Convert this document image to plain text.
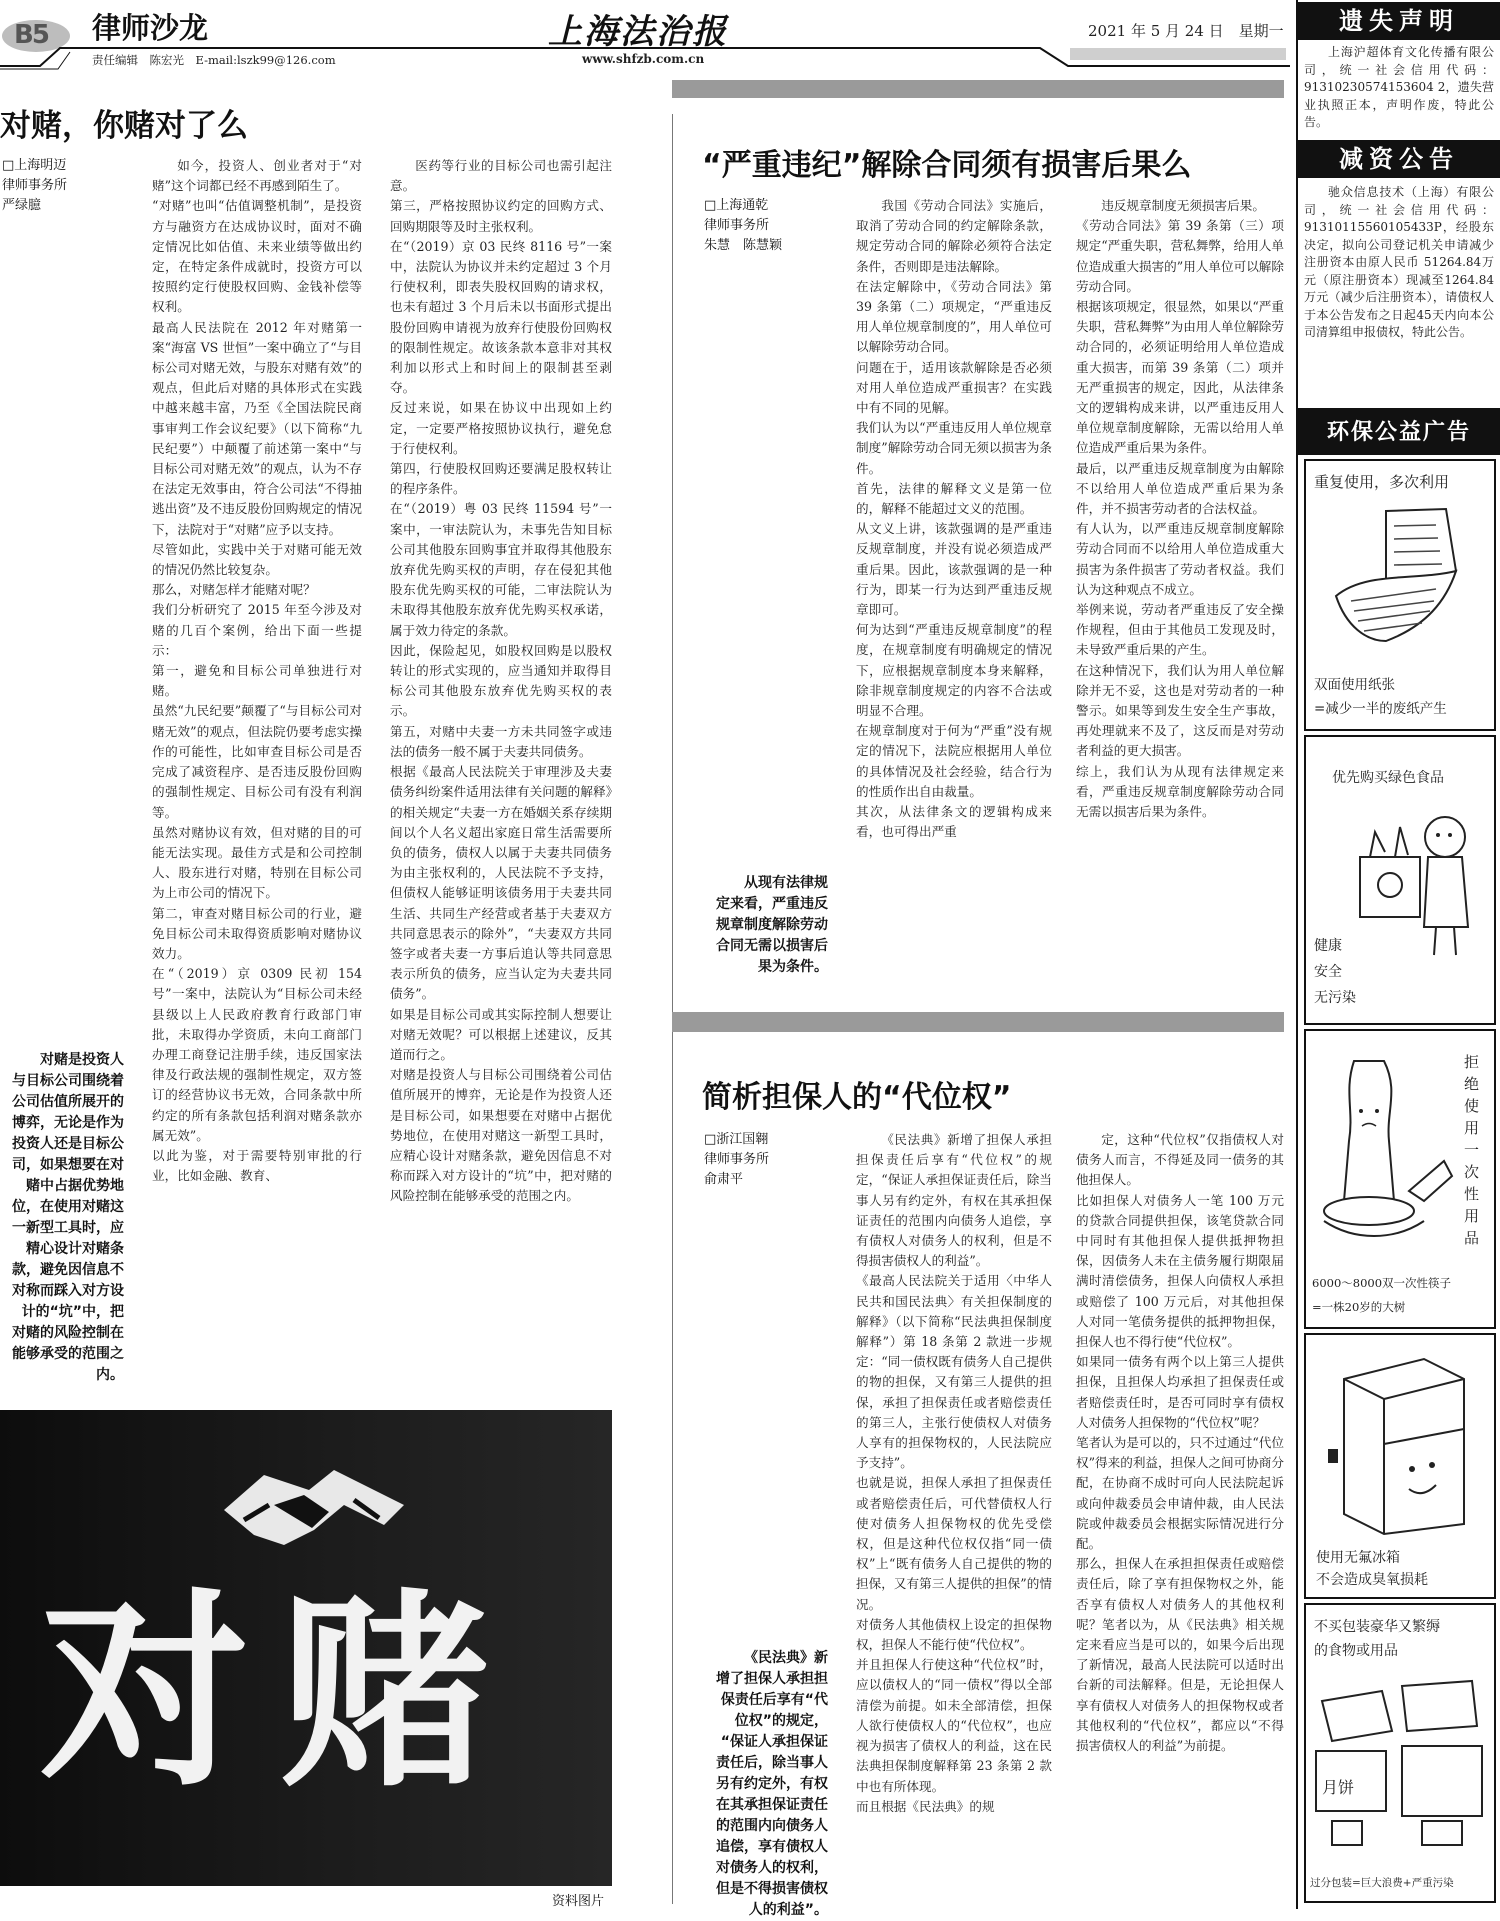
B5 律师沙龙
责任编辑　陈宏光　E-mail:lszk99@126.com
上海法治报
www.shfzb.com.cn
2021 年 5 月 24 日　星期一
对赌，你赌对了么
□上海明迈
律师事务所
严绿臆
如今，投资人、创业者对于“对赌”这个词都已经不再感到陌生了。
“对赌”也叫“估值调整机制”，是投资方与融资方在达成协议时，面对不确定情况比如估值、未来业绩等做出约定，在特定条件成就时，投资方可以按照约定行使股权回购、金钱补偿等权利。
最高人民法院在 2012 年对赌第一案“海富 VS 世恒”一案中确立了“与目标公司对赌无效，与股东对赌有效”的观点，但此后对赌的具体形式在实践中越来越丰富，乃至《全国法院民商事审判工作会议纪要》（以下简称“九民纪要”）中颠覆了前述第一案中“与目标公司对赌无效”的观点，认为不存在法定无效事由，符合公司法“不得抽逃出资”及不违反股份回购规定的情况下，法院对于“对赌”应予以支持。
尽管如此，实践中关于对赌可能无效的情况仍然比较复杂。
那么，对赌怎样才能赌对呢？
我们分析研究了 2015 年至今涉及对赌的几百个案例，给出下面一些提示：
第一，避免和目标公司单独进行对赌。
虽然“九民纪要”颠覆了“与目标公司对赌无效”的观点，但法院仍要考虑实操作的可能性，比如审查目标公司是否完成了减资程序、是否违反股份回购的强制性规定、目标公司有没有利润等。
虽然对赌协议有效，但对赌的目的可能无法实现。最佳方式是和公司控制人、股东进行对赌，特别在目标公司为上市公司的情况下。
第二，审查对赌目标公司的行业，避免目标公司未取得资质影响对赌协议效力。
在“（2019）京 0309 民初 154 号”一案中，法院认为“目标公司未经县级以上人民政府教育行政部门审批，未取得办学资质，未向工商部门办理工商登记注册手续，违反国家法律及行政法规的强制性规定，双方签订的经营协议书无效，合同条款中所约定的所有条款包括利润对赌条款亦属无效”。
以此为鉴，对于需要特别审批的行业，比如金融、教育、
医药等行业的目标公司也需引起注意。
第三，严格按照协议约定的回购方式、回购期限等及时主张权利。
在“（2019）京 03 民终 8116 号”一案中，法院认为协议并未约定超过 3 个月行使权利，即表失股权回购的请求权，也未有超过 3 个月后未以书面形式提出股份回购申请视为放弃行使股份回购权的限制性规定。故该条款本意非对其权利加以形式上和时间上的限制甚至剥夺。
反过来说，如果在协议中出现如上约定，一定要严格按照协议执行，避免怠于行使权利。
第四，行使股权回购还要满足股权转让的程序条件。
在“（2019）粤 03 民终 11594 号”一案中，一审法院认为，未事先告知目标公司其他股东回购事宜并取得其他股东放弃优先购买权的声明，存在侵犯其他股东优先购买权的可能，二审法院认为未取得其他股东放弃优先购买权承诺，属于效力待定的条款。
因此，保险起见，如股权回购是以股权转让的形式实现的，应当通知并取得目标公司其他股东放弃优先购买权的表示。
第五，对赌中夫妻一方未共同签字或违法的债务一般不属于夫妻共同债务。
根据《最高人民法院关于审理涉及夫妻债务纠纷案件适用法律有关问题的解释》的相关规定“夫妻一方在婚姻关系存续期间以个人名义超出家庭日常生活需要所负的债务，债权人以属于夫妻共同债务为由主张权利的，人民法院不予支持，但债权人能够证明该债务用于夫妻共同生活、共同生产经营或者基于夫妻双方共同意思表示的除外”，“夫妻双方共同签字或者夫妻一方事后追认等共同意思表示所负的债务，应当认定为夫妻共同债务”。
如果是目标公司或其实际控制人想要让对赌无效呢？可以根据上述建议，反其道而行之。
对赌是投资人与目标公司围绕着公司估值所展开的博弈，无论是作为投资人还是目标公司，如果想要在对赌中占据优势地位，在使用对赌这一新型工具时，应精心设计对赌条款，避免因信息不对称而踩入对方设计的“坑”中，把对赌的风险控制在能够承受的范围之内。
对赌是投资人
与目标公司围绕着
公司估值所展开的
博弈，无论是作为
投资人还是目标公
司，如果想要在对
赌中占据优势地
位，在使用对赌这
一新型工具时，应
精心设计对赌条
款，避免因信息不
对称而踩入对方设
计的“坑”中，把
对赌的风险控制在
能够承受的范围之
内。
对赌
资料图片
“严重违纪”解除合同须有损害后果么
□上海通乾
律师事务所
朱慧　陈慧颖
我国《劳动合同法》实施后，取消了劳动合同的约定解除条款，规定劳动合同的解除必须符合法定条件，否则即是违法解除。
在法定解除中，《劳动合同法》第 39 条第（二）项规定，“严重违反用人单位规章制度的”，用人单位可以解除劳动合同。
问题在于，适用该款解除是否必须对用人单位造成严重损害？在实践中有不同的见解。
我们认为以“严重违反用人单位规章制度”解除劳动合同无须以损害为条件。
首先，法律的解释文义是第一位的，解释不能超过文义的范围。
从文义上讲，该款强调的是严重违反规章制度，并没有说必须造成严重后果。因此，该款强调的是一种行为，即某一行为达到严重违反规章即可。
何为达到“严重违反规章制度”的程度，在规章制度有明确规定的情况下，应根据规章制度本身来解释，除非规章制度规定的内容不合法或明显不合理。
在规章制度对于何为“严重”没有规定的情况下，法院应根据用人单位的具体情况及社会经验，结合行为的性质作出自由裁量。
其次，从法律条文的逻辑构成来看，也可得出严重
违反规章制度无须损害后果。
《劳动合同法》第 39 条第（三）项规定“严重失职，营私舞弊，给用人单位造成重大损害的”用人单位可以解除劳动合同。
根据该项规定，很显然，如果以“严重失职，营私舞弊”为由用人单位解除劳动合同的，必须证明给用人单位造成重大损害，而第 39 条第（二）项并无严重损害的规定，因此，从法律条文的逻辑构成来讲，以严重违反用人单位规章制度解除，无需以给用人单位造成严重后果为条件。
最后，以严重违反规章制度为由解除不以给用人单位造成严重后果为条件，并不损害劳动者的合法权益。
有人认为，以严重违反规章制度解除劳动合同而不以给用人单位造成重大损害为条件损害了劳动者权益。我们认为这种观点不成立。
举例来说，劳动者严重违反了安全操作规程，但由于其他员工发现及时，未导致严重后果的产生。
在这种情况下，我们认为用人单位解除并无不妥，这也是对劳动者的一种警示。如果等到发生安全生产事故，再处理就来不及了，这反而是对劳动者利益的更大损害。
综上，我们认为从现有法律规定来看，严重违反规章制度解除劳动合同无需以损害后果为条件。
从现有法律规
定来看，严重违反
规章制度解除劳动
合同无需以损害后
果为条件。
简析担保人的“代位权”
□浙江国翱
律师事务所
俞肃平
《民法典》新增了担保人承担担保责任后享有“代位权”的规定，“保证人承担保证责任后，除当事人另有约定外，有权在其承担保证责任的范围内向债务人追偿，享有债权人对债务人的权利，但是不得损害债权人的利益”。
《最高人民法院关于适用〈中华人民共和国民法典〉有关担保制度的解释》（以下简称“民法典担保制度解释”）第 18 条第 2 款进一步规定：“同一债权既有债务人自己提供的物的担保，又有第三人提供的担保，承担了担保责任或者赔偿责任的第三人，主张行使债权人对债务人享有的担保物权的，人民法院应予支持”。
也就是说，担保人承担了担保责任或者赔偿责任后，可代替债权人行使对债务人担保物权的优先受偿权，但是这种代位权仅指“同一债权”上“既有债务人自己提供的物的担保，又有第三人提供的担保”的情况。
对债务人其他债权上设定的担保物权，担保人不能行使“代位权”。
并且担保人行使这种“代位权”时，应以债权人的“同一债权”得以全部清偿为前提。如未全部清偿，担保人欲行使债权人的“代位权”，也应视为损害了债权人的利益，这在民法典担保制度解释第 23 条第 2 款中也有所体现。
而且根据《民法典》的规
定，这种“代位权”仅指债权人对债务人而言，不得延及同一债务的其他担保人。
比如担保人对债务人一笔 100 万元的贷款合同提供担保，该笔贷款合同中同时有其他担保人提供抵押物担保，因债务人未在主债务履行期限届满时清偿债务，担保人向债权人承担或赔偿了 100 万元后，对其他担保人对同一笔债务提供的抵押物担保，担保人也不得行使“代位权”。
如果同一债务有两个以上第三人提供担保，且担保人均承担了担保责任或者赔偿责任时，是否可同时享有债权人对债务人担保物的“代位权”呢？
笔者认为是可以的，只不过通过“代位权”得来的利益，担保人之间可协商分配，在协商不成时可向人民法院起诉或向仲裁委员会申请仲裁，由人民法院或仲裁委员会根据实际情况进行分配。
那么，担保人在承担担保责任或赔偿责任后，除了享有担保物权之外，能否享有债权人对债务人的其他权利呢？笔者以为，从《民法典》相关规定来看应当是可以的，如果今后出现了新情况，最高人民法院可以适时出台新的司法解释。但是，无论担保人享有债权人对债务人的担保物权或者其他权利的“代位权”，都应以“不得损害债权人的利益”为前提。
《民法典》新
增了担保人承担担
保责任后享有“代
位权”的规定，
“保证人承担保证
责任后，除当事人
另有约定外，有权
在其承担保证责任
的范围内向债务人
追偿，享有债权人
对债务人的权利，
但是不得损害债权
人的利益”。
遗失声明
上海沪超体育文化传播有限公司，统一社会信用代码：91310230574153604 2，遗失营业执照正本，声明作废，特此公告。
减资公告
驰众信息技术（上海）有限公司，统一社会信用代码：91310115560105433P，经股东决定，拟向公司登记机关申请减少注册资本由原人民币 51264.84万元（原注册资本）现减至1264.84万元（减少后注册资本），请债权人于本公告发布之日起45天内向本公司清算组申报债权，特此公告。
环保公益广告
重复使用，多次利用
双面使用纸张
=减少一半的废纸产生
优先购买绿色食品
健康
安全
无污染
拒绝使用一次性用品
6000～8000双一次性筷子
=一株20岁的大树
使用无氟冰箱
不会造成臭氧损耗
不买包装豪华又繁缛
的食物或用品
月饼
过分包装=巨大浪费+严重污染
